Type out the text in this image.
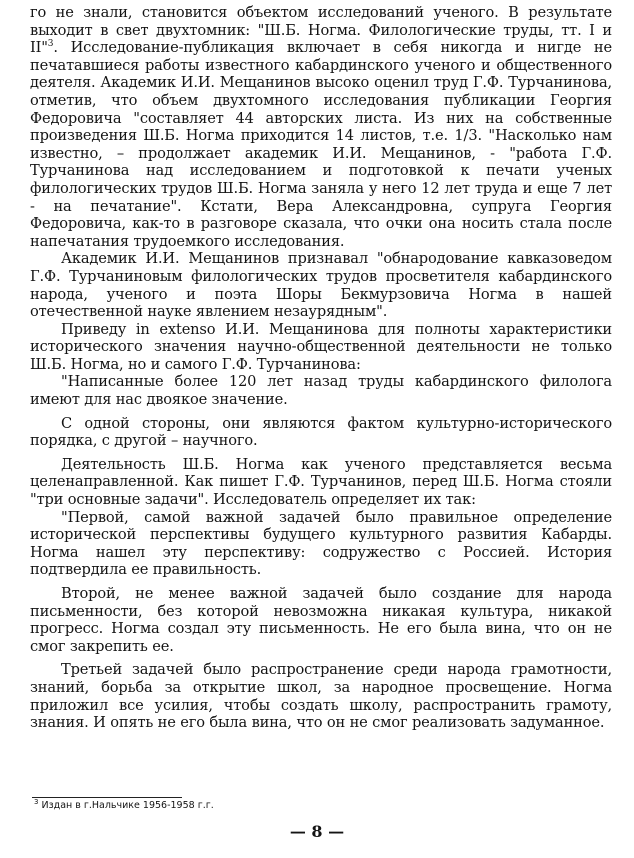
го не знали, становится объектом исследований ученого. В результате выходит в свет двухтомник: "Ш.Б. Ногма. Филологические труды, тт. I и II"$^3$. Исследование-публикация включает в себя никогда и нигде не печатавшиеся работы известного кабардинского ученого и общественного деятеля. Академик И.И. Мещанинов высоко оценил труд Г.Ф. Турчанинова, отметив, что объем двухтомного исследования публикации Георгия Федоровича "составляет 44 авторских листа. Из них на собственные произведения Ш.Б. Ногма приходится 14 листов, т.е. 1/3. "Насколько нам известно, – продолжает академик И.И. Мещанинов, - "работа Г.Ф. Турчанинова над исследованием и подготовкой к печати ученых филологических трудов Ш.Б. Ногма заняла у него 12 лет труда и еще 7 лет - на печатание". Кстати, Вера Александровна, супруга Георгия Федоровича, как-то в разговоре сказала, что очки она носить стала после напечатания трудоемкого исследования.

Академик И.И. Мещанинов признавал "обнародование кавказоведом Г.Ф. Турчаниновым филологических трудов просветителя кабардинского народа, ученого и поэта Шоры Бекмурзовича Ногма в нашей отечественной науке явлением незаурядным".

Приведу in extenso И.И. Мещанинова для полноты характеристики исторического значения научно-общественной деятельности не только Ш.Б. Ногма, но и самого Г.Ф. Турчанинова:

"Написанные более 120 лет назад труды кабардинского филолога имеют для нас двоякое значение.

С одной стороны, они являются фактом культурно-исторического порядка, с другой – научного.

Деятельность Ш.Б. Ногма как ученого представляется весьма целенаправленной. Как пишет Г.Ф. Турчанинов, перед Ш.Б. Ногма стояли "три основные задачи". Исследователь определяет их так:

"Первой, самой важной задачей было правильное определение исторической перспективы будущего культурного развития Кабарды. Ногма нашел эту перспективу: содружество с Россией. История подтвердила ее правильность.

Второй, не менее важной задачей было создание для народа письменности, без которой невозможна никакая культура, никакой прогресс. Ногма создал эту письменность. Не его была вина, что он не смог закрепить ее.

Третьей задачей было распространение среди народа грамотности, знаний, борьба за открытие школ, за народное просвещение. Ногма приложил все усилия, чтобы создать школу, распространить грамоту, знания. И опять не его была вина, что он не смог реализовать задуманное.

$^3$ Издан в г.Нальчике 1956-1958 г.г.
— 8 —
